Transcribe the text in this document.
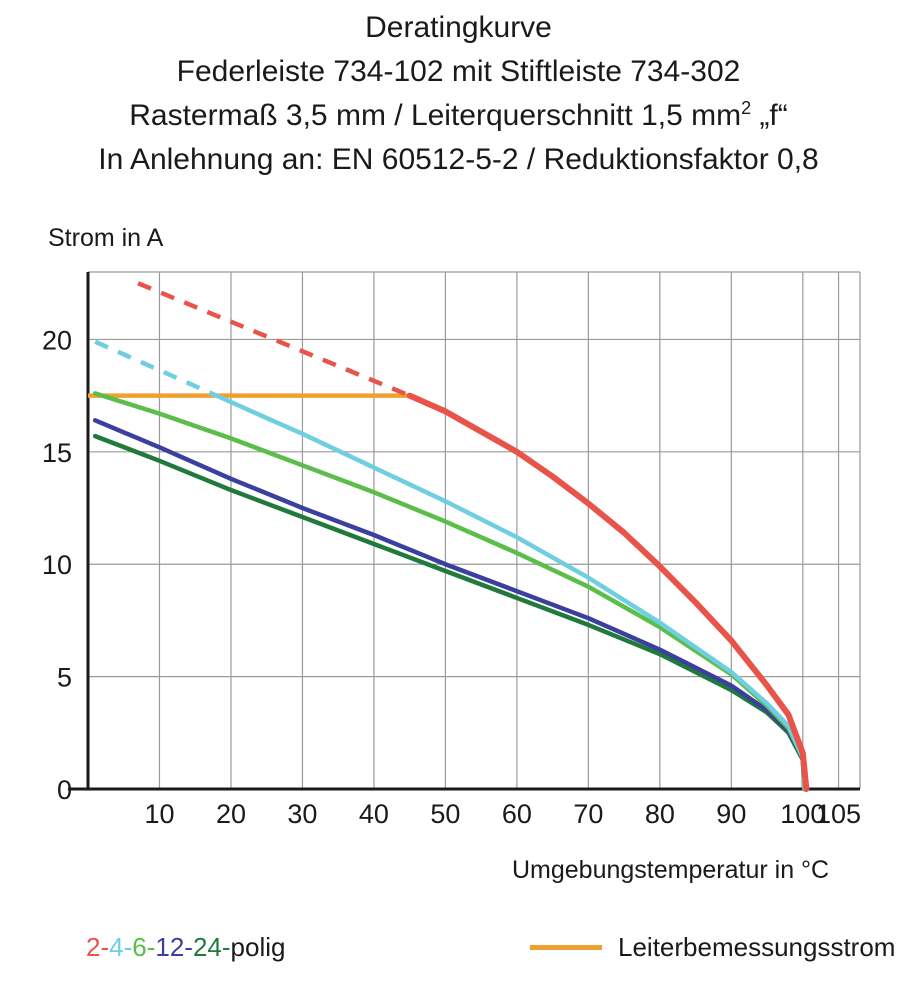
Deratingkurve
Federleiste 734-102 mit Stiftleiste 734-302
Rastermaß 3,5 mm / Leiterquerschnitt 1,5 $mm^2$ „f“
In Anlehnung an: EN 60512-5-2 / Reduktionsfaktor 0,8
Strom in A
Umgebungstemperatur in °C
10 20 30 40 50 60 70 80 90 100
105
0
5
10
15
20
2-4-6-12-24-polig	Leiterbemessungsstrom
